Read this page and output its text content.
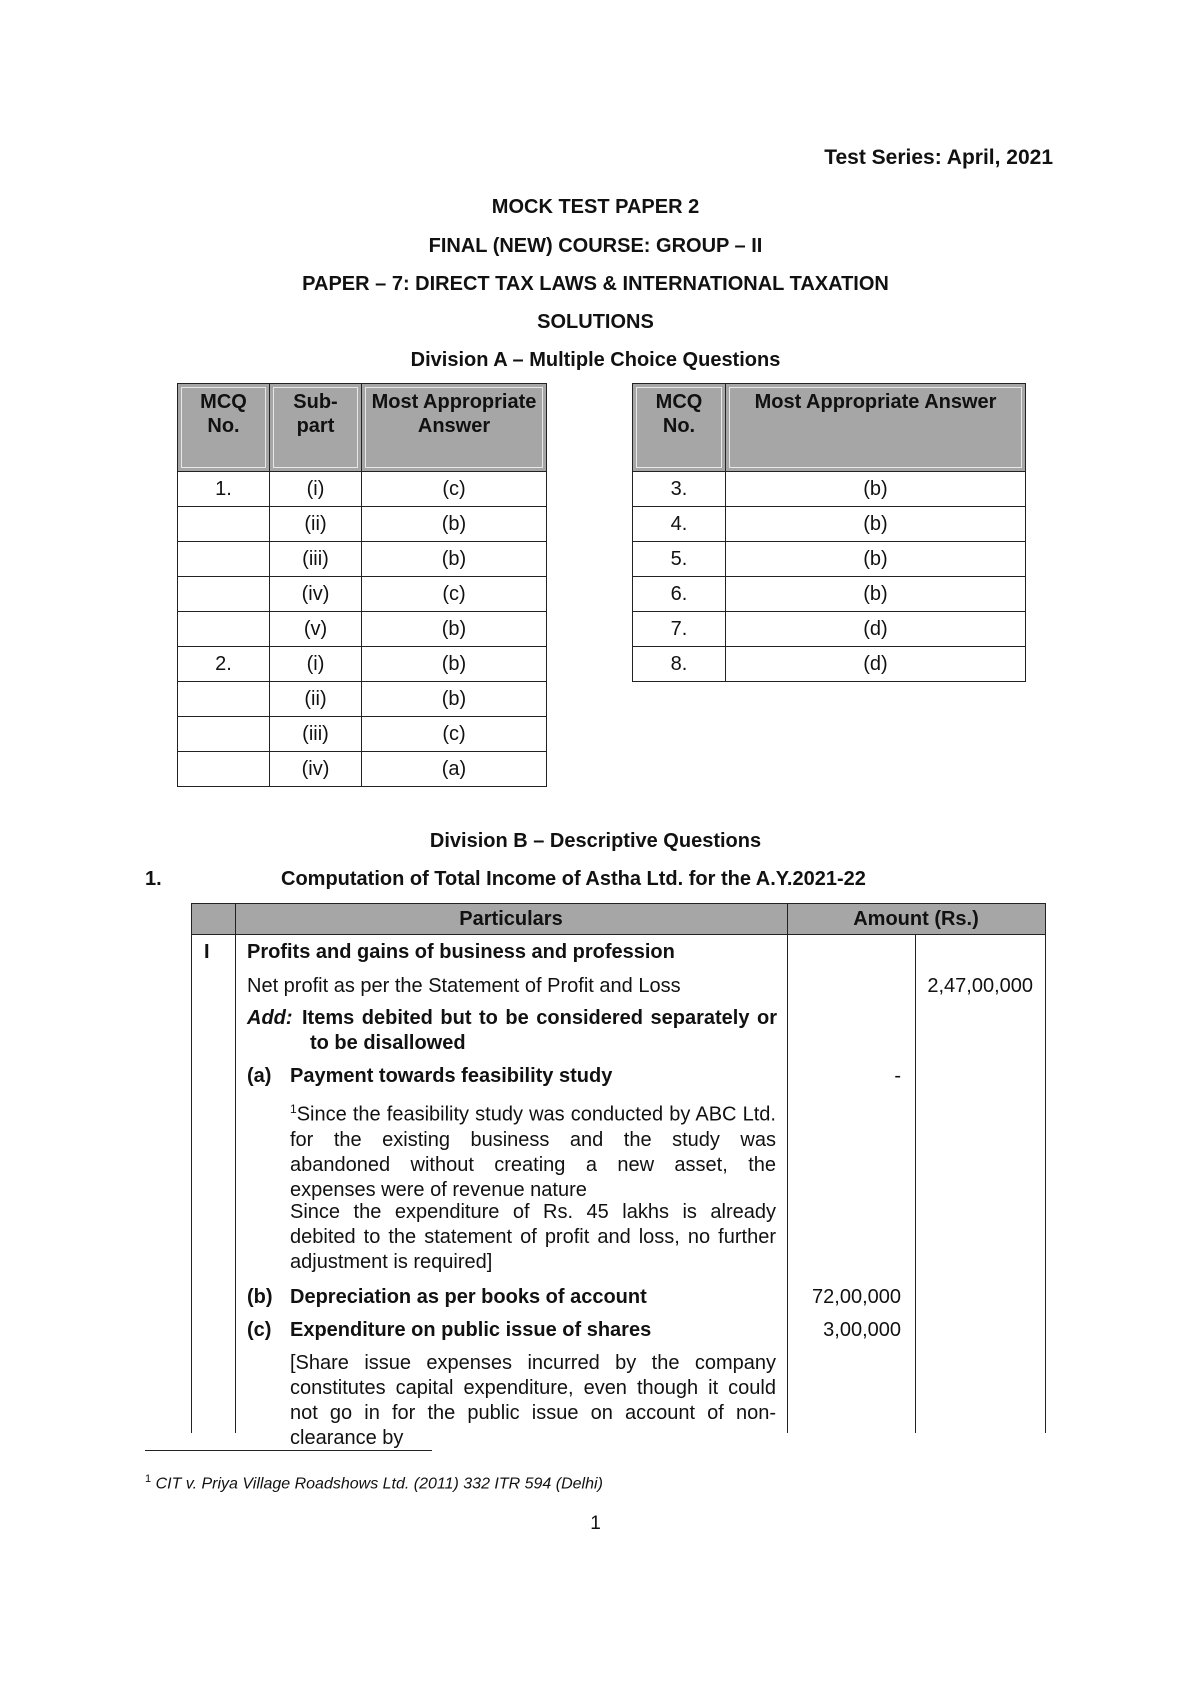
Test Series: April, 2021
MOCK TEST PAPER 2
FINAL (NEW) COURSE: GROUP – II
PAPER – 7: DIRECT TAX LAWS & INTERNATIONAL TAXATION
SOLUTIONS
Division A – Multiple Choice Questions
MCQ No.	Sub-part	Most Appropriate Answer
1.	(i)	(c)
	(ii)	(b)
	(iii)	(b)
	(iv)	(c)
	(v)	(b)
2.	(i)	(b)
	(ii)	(b)
	(iii)	(c)
	(iv)	(a)
MCQ No.	Most Appropriate Answer
3.	(b)
4.	(b)
5.	(b)
6.	(b)
7.	(d)
8.	(d)
Division B – Descriptive Questions
1.	Computation of Total Income of Astha Ltd. for the A.Y.2021-22
Particulars	Amount (Rs.)
I Profits and gains of business and profession
Net profit as per the Statement of Profit and Loss	2,47,00,000
Add: Items debited but to be considered separately or to be disallowed
(a) Payment towards feasibility study	-
$^1$Since the feasibility study was conducted by ABC Ltd. for the existing business and the study was abandoned without creating a new asset, the expenses were of revenue nature
Since the expenditure of Rs. 45 lakhs is already debited to the statement of profit and loss, no further adjustment is required]
(b) Depreciation as per books of account	72,00,000
(c) Expenditure on public issue of shares	3,00,000
[Share  issue  expenses  incurred  by  the  company constitutes capital expenditure, even though it could not go in for the public issue on account of non-clearance by
$^1$ CIT v. Priya Village Roadshows Ltd. (2011) 332 ITR 594 (Delhi)
1
